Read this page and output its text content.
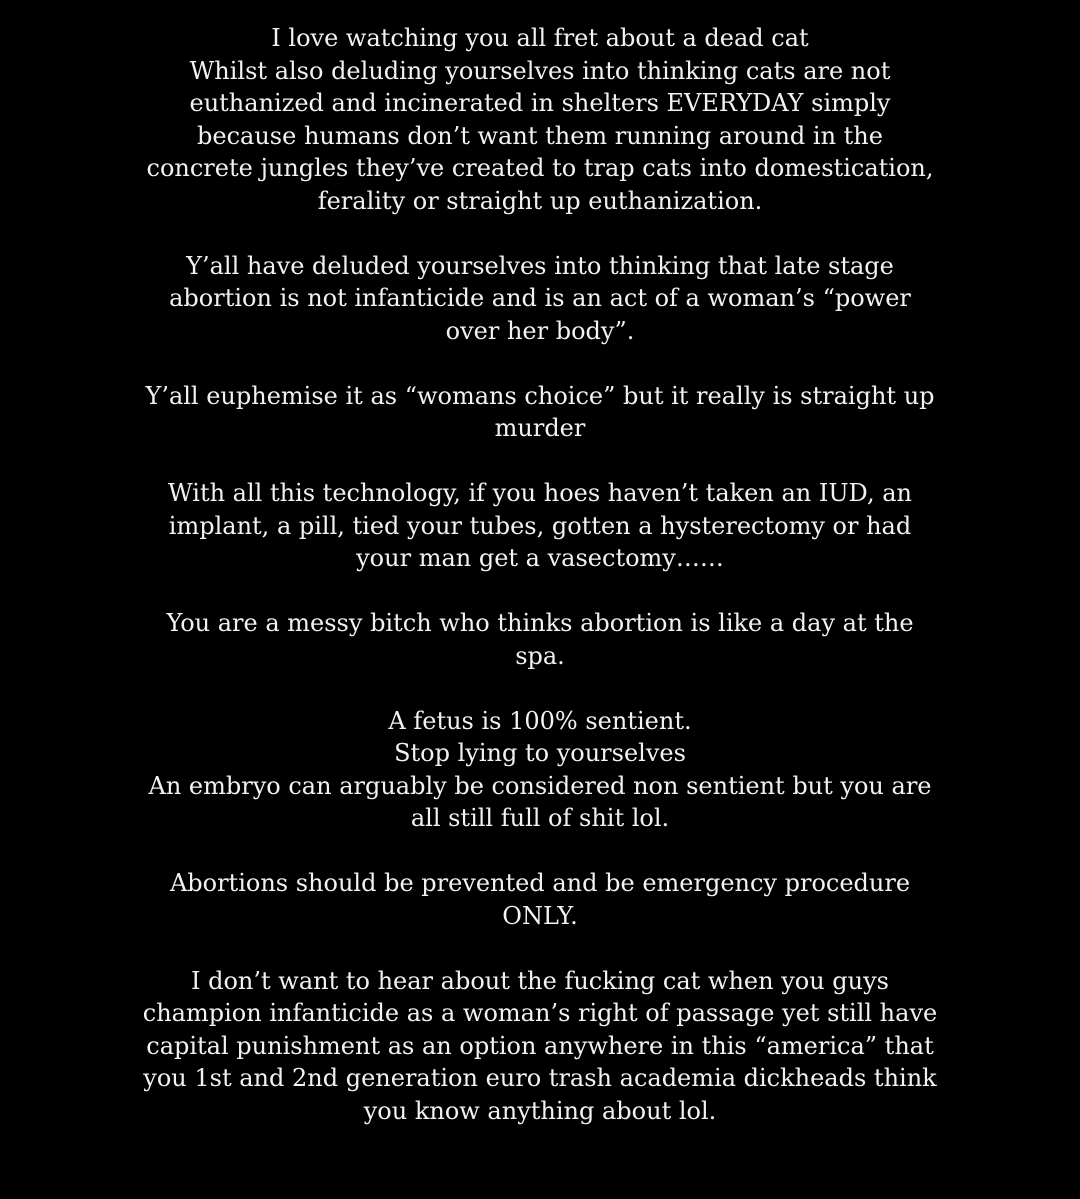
I love watching you all fret about a dead cat
Whilst also deluding yourselves into thinking cats are not
euthanized and incinerated in shelters EVERYDAY simply
because humans don’t want them running around in the
concrete jungles they’ve created to trap cats into domestication,
ferality or straight up euthanization.
Y’all have deluded yourselves into thinking that late stage
abortion is not infanticide and is an act of a woman’s “power
over her body”.
Y’all euphemise it as “womans choice” but it really is straight up
murder
With all this technology, if you hoes haven’t taken an IUD, an
implant, a pill, tied your tubes, gotten a hysterectomy or had
your man get a vasectomy……
You are a messy bitch who thinks abortion is like a day at the
spa.
A fetus is 100% sentient.
Stop lying to yourselves
An embryo can arguably be considered non sentient but you are
all still full of shit lol.
Abortions should be prevented and be emergency procedure
ONLY.
I don’t want to hear about the fucking cat when you guys
champion infanticide as a woman’s right of passage yet still have
capital punishment as an option anywhere in this “america” that
you 1st and 2nd generation euro trash academia dickheads think
you know anything about lol.
